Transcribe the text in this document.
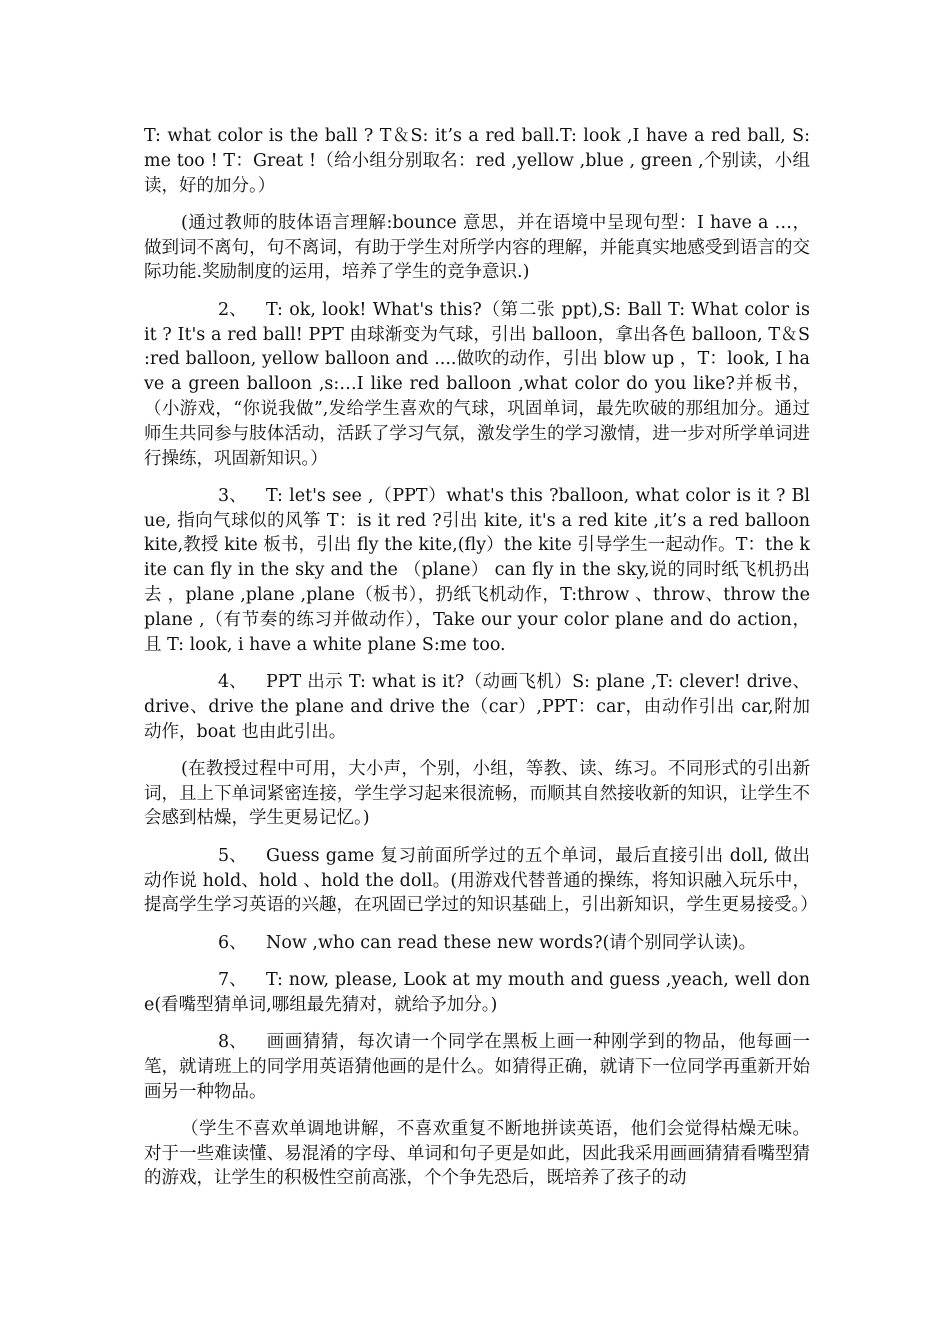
T: what color is the ball ? T＆S: it’s a red ball.T: look ,I have a red ball, S: me too ! T：Great !（给小组分别取名：red ,yellow ,blue , green ,个别读，小组读，好的加分。）

(通过教师的肢体语言理解:bounce 意思，并在语境中呈现句型：I have a …，做到词不离句，句不离词，有助于学生对所学内容的理解，并能真实地感受到语言的交际功能.奖励制度的运用，培养了学生的竞争意识.)

2、 T: ok, look! What's this?（第二张 ppt),S: Ball T: What color is it ? It's a red ball! PPT 由球渐变为气球，引出 balloon，拿出各色 balloon, T＆S :red balloon, yellow balloon and ....做吹的动作，引出 blow up ，T：look, I have a green balloon ,s:…I like red balloon ,what color do you like?并板书，（小游戏，“你说我做”,发给学生喜欢的气球，巩固单词，最先吹破的那组加分。通过师生共同参与肢体活动，活跃了学习气氛，激发学生的学习激情，进一步对所学单词进行操练，巩固新知识。）

3、 T: let's see ,（PPT）what's this ?balloon, what color is it ? Blue, 指向气球似的风筝 T：is it red ?引出 kite, it's a red kite ,it’s a red balloon kite,教授 kite 板书，引出 fly the kite,(fly）the kite 引导学生一起动作。T：the kite can fly in the sky and the （plane） can fly in the sky,说的同时纸飞机扔出去 ，plane ,plane ,plane（板书），扔纸飞机动作，T:throw 、throw、throw the plane ,（有节奏的练习并做动作），Take our your color plane and do action，且 T: look, i have a white plane S:me too.

4、 PPT 出示 T: what is it?（动画飞机）S: plane ,T: clever! drive、drive、drive the plane and drive the（car）,PPT：car，由动作引出 car,附加动作，boat 也由此引出。

(在教授过程中可用，大小声，个别，小组，等教、读、练习。不同形式的引出新词，且上下单词紧密连接，学生学习起来很流畅，而顺其自然接收新的知识，让学生不会感到枯燥，学生更易记忆。)

5、 Guess game 复习前面所学过的五个单词，最后直接引出 doll, 做出动作说 hold、hold 、hold the doll。(用游戏代替普通的操练，将知识融入玩乐中，提高学生学习英语的兴趣，在巩固已学过的知识基础上，引出新知识，学生更易接受。）

6、 Now ,who can read these new words?(请个别同学认读)。

7、 T: now, please, Look at my mouth and guess ,yeach, well done(看嘴型猜单词,哪组最先猜对，就给予加分。)

8、 画画猜猜，每次请一个同学在黑板上画一种刚学到的物品，他每画一笔，就请班上的同学用英语猜他画的是什么。如猜得正确，就请下一位同学再重新开始画另一种物品。

（学生不喜欢单调地讲解，不喜欢重复不断地拼读英语，他们会觉得枯燥无味。对于一些难读懂、易混淆的字母、单词和句子更是如此，因此我采用画画猜猜看嘴型猜的游戏，让学生的积极性空前高涨，个个争先恐后，既培养了孩子的动
